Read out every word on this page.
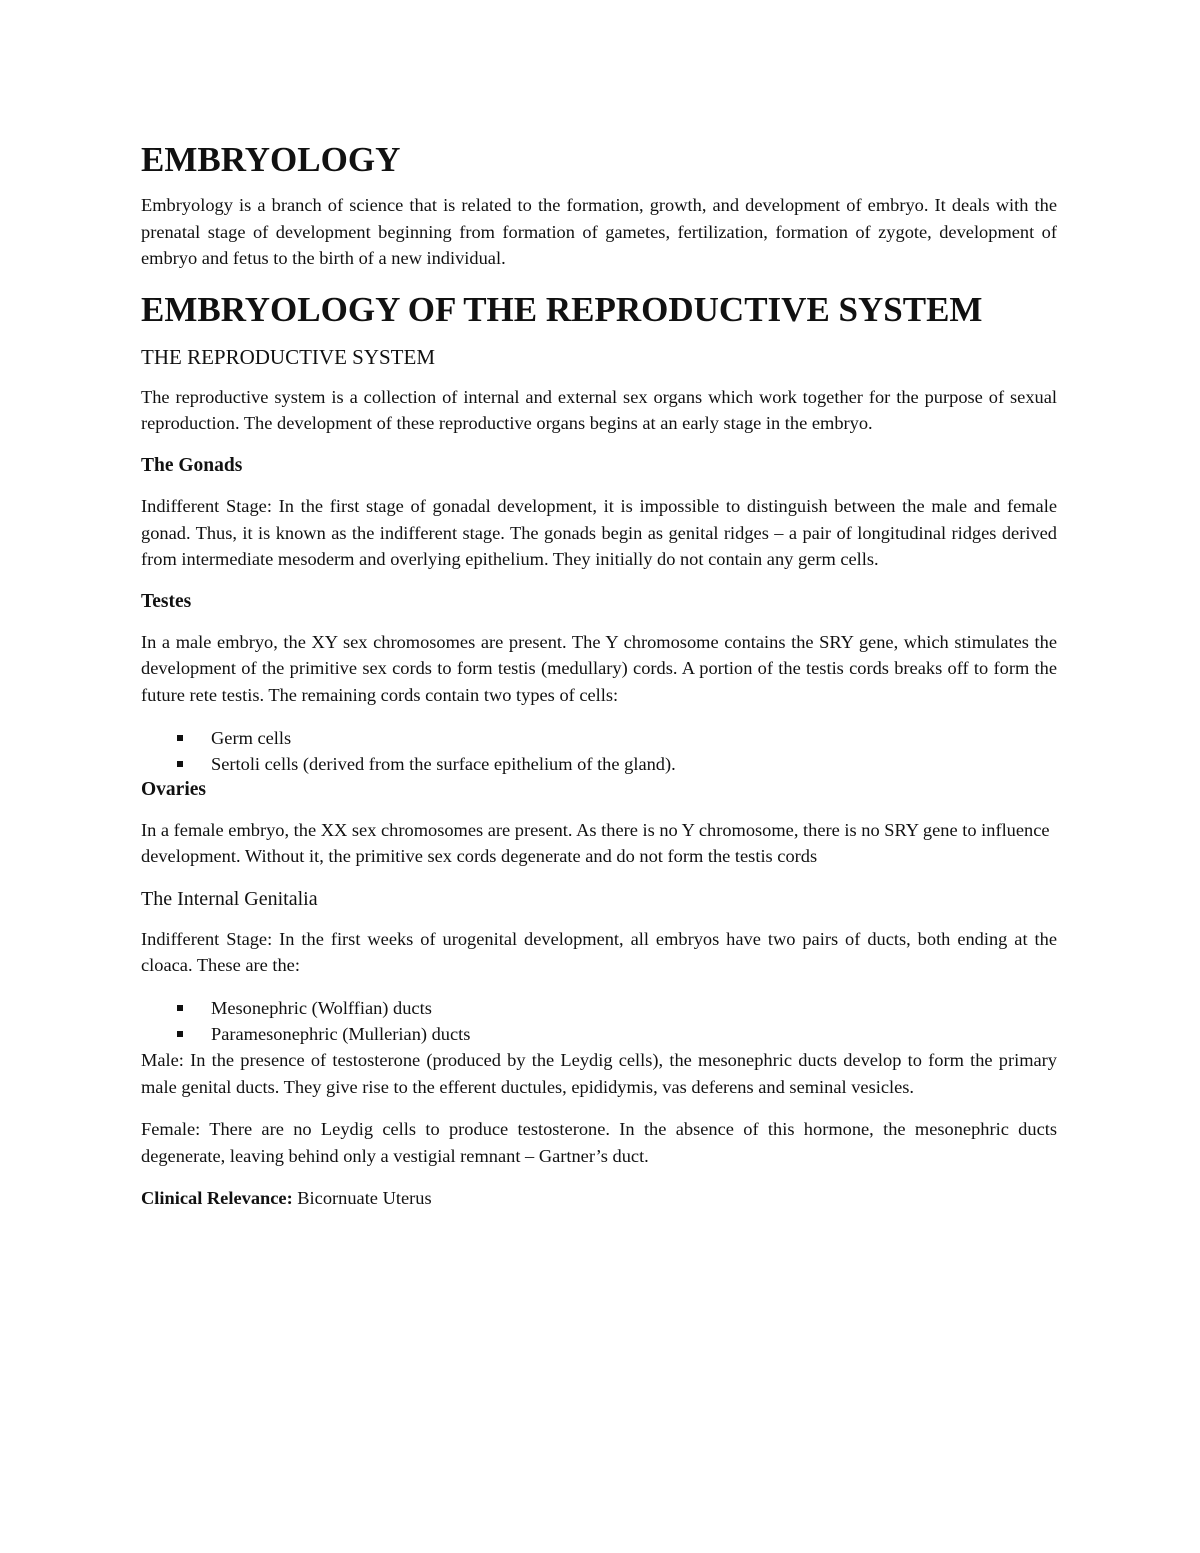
EMBRYOLOGY

Embryology is a branch of science that is related to the formation, growth, and development of embryo. It deals with the prenatal stage of development beginning from formation of gametes, fertilization, formation of zygote, development of embryo and fetus to the birth of a new individual.

EMBRYOLOGY OF THE REPRODUCTIVE SYSTEM
THE REPRODUCTIVE SYSTEM

The reproductive system is a collection of internal and external sex organs which work together for the purpose of sexual reproduction. The development of these reproductive organs begins at an early stage in the embryo.

The Gonads

Indifferent Stage: In the first stage of gonadal development, it is impossible to distinguish between the male and female gonad. Thus, it is known as the indifferent stage. The gonads begin as genital ridges – a pair of longitudinal ridges derived from intermediate mesoderm and overlying epithelium. They initially do not contain any germ cells.

Testes

In a male embryo, the XY sex chromosomes are present. The Y chromosome contains the SRY gene, which stimulates the development of the primitive sex cords to form testis (medullary) cords. A portion of the testis cords breaks off to form the future rete testis. The remaining cords contain two types of cells:

Germ cells
Sertoli cells (derived from the surface epithelium of the gland).
Ovaries

In a female embryo, the XX sex chromosomes are present. As there is no Y chromosome, there is no SRY gene to influence development. Without it, the primitive sex cords degenerate and do not form the testis cords

The Internal Genitalia

Indifferent Stage: In the first weeks of urogenital development, all embryos have two pairs of ducts, both ending at the cloaca. These are the:

Mesonephric (Wolffian) ducts
Paramesonephric (Mullerian) ducts

Male: In the presence of testosterone (produced by the Leydig cells), the mesonephric ducts develop to form the primary male genital ducts. They give rise to the efferent ductules, epididymis, vas deferens and seminal vesicles.

Female: There are no Leydig cells to produce testosterone. In the absence of this hormone, the mesonephric ducts degenerate, leaving behind only a vestigial remnant – Gartner’s duct.

Clinical Relevance: Bicornuate Uterus
